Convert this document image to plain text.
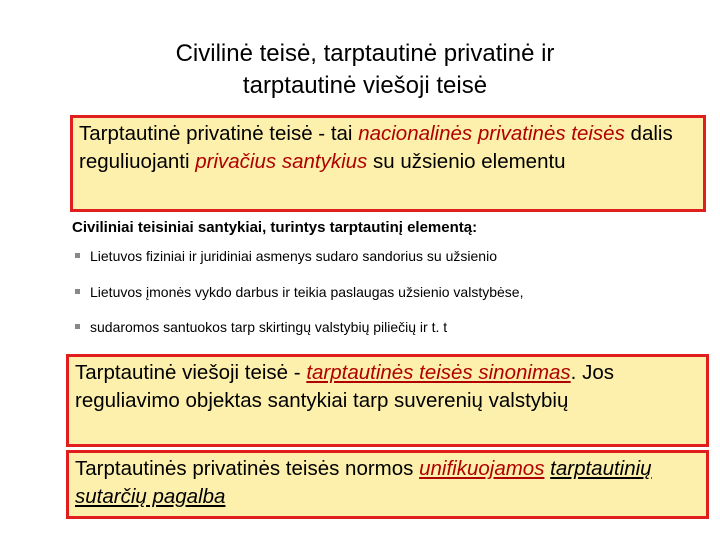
Civilinė teisė, tarptautinė privatinė ir
tarptautinė viešoji teisė
Tarptautinė privatinė teisė - tai nacionalinės privatinės teisės dalis reguliuojanti privačius santykius su užsienio elementu
Civiliniai teisiniai santykiai, turintys tarptautinį elementą:
Lietuvos fiziniai ir juridiniai asmenys sudaro sandorius su užsienio
Lietuvos įmonės vykdo darbus ir teikia paslaugas užsienio valstybėse,
sudaromos santuokos tarp skirtingų valstybių piliečių ir t. t
Tarptautinė viešoji teisė - tarptautinės teisės sinonimas. Jos reguliavimo objektas santykiai tarp suverenių valstybių
Tarptautinės privatinės teisės normos unifikuojamos tarptautinių sutarčių pagalba
